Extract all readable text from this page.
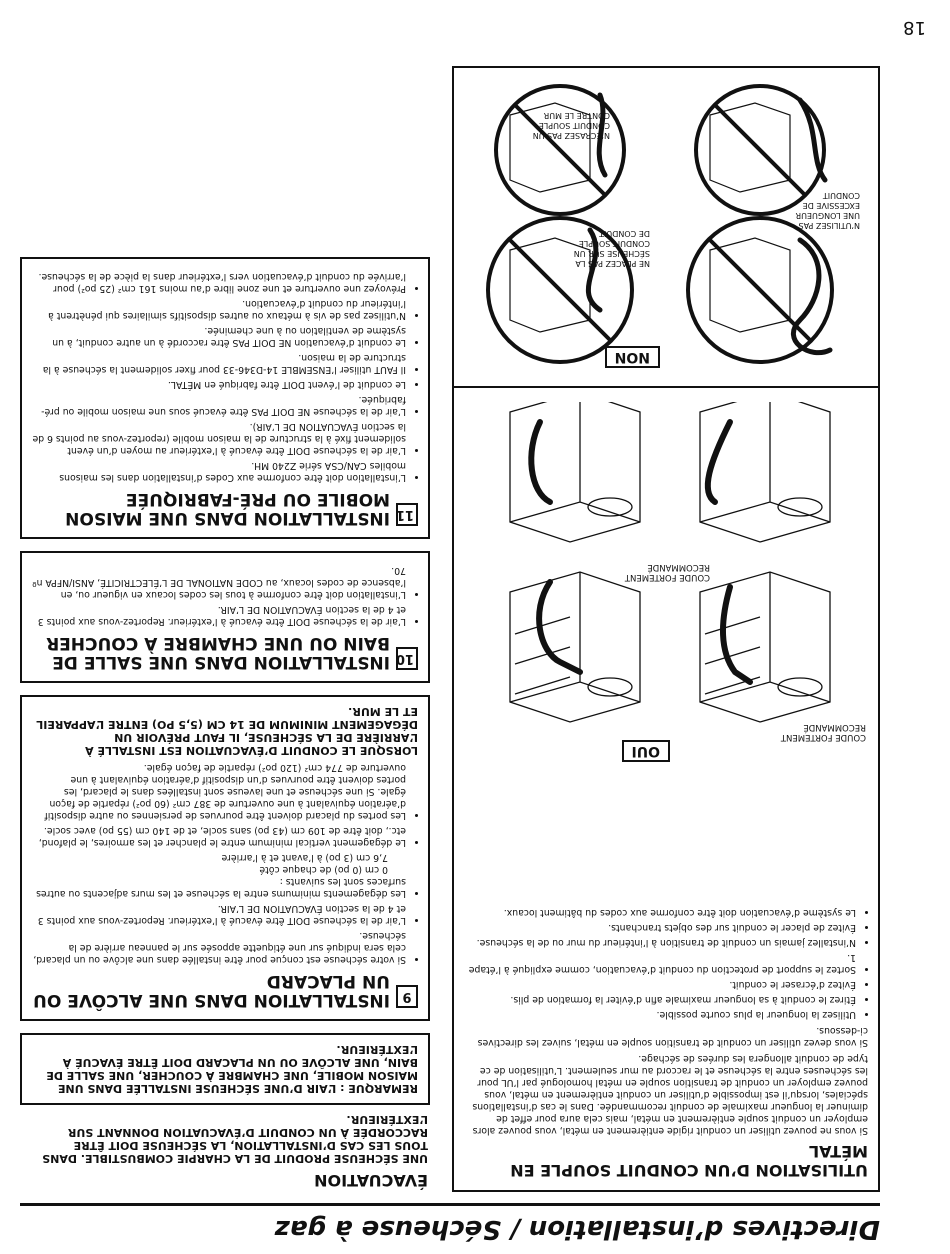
18
Directives d’installation / Sécheuse à gaz
UTILISATION D’UN CONDUIT SOUPLE EN MÉTAL

Si vous ne pouvez utiliser un conduit rigide entièrement en métal, vous pouvez alors employer un conduit souple entièrement en métal, mais cela aura pour effet de diminuer la longueur maximale de conduit recommandée. Dans le cas d’installations spéciales, lorsqu’il est impossible d’utiliser un conduit entièrement en métal, vous pouvez employer un conduit de transition souple en métal homologué par l’UL pour les sécheuses entre la sécheuse et le raccord au mur seulement. L’utilisation de ce type de conduit allongera les durées de séchage.

Si vous devez utiliser un conduit de transition souple en métal, suivez les directives ci-dessous.

• Utilisez la longueur la plus courte possible.
• Étirez le conduit à sa longueur maximale afin d’éviter la formation de plis.
• Évitez d’écraser le conduit.
• Sortez le support de protection du conduit d’évacuation, comme expliqué à l’étape 1.
• N’installez jamais un conduit de transition à l’intérieur du mur ou de la sécheuse.
• Évitez de placer le conduit sur des objets tranchants.
• Le système d’évacuation doit être conforme aux codes du bâtiment locaux.
OUI
COUDE FORTEMENT RECOMMANDÉ
COUDE FORTEMENT RECOMMANDÉ
NON
N’UTILISEZ PAS UNE LONGUEUR EXCESSIVE DE CONDUIT
NE PLACEZ PAS LA SÉCHEUSE SUR UN CONDUIT SOUPLE DE CONDUIT
N’ÉCRASEZ PAS UN CONDUIT SOUPLE CONTRE LE MUR
ÉVACUATION
UNE SÉCHEUSE PRODUIT DE LA CHARPIE COMBUSTIBLE. DANS TOUS LES CAS D’INSTALLATION, LA SÉCHEUSE DOIT ÊTRE RACCORDÉE À UN CONDUIT D’ÉVACUATION DONNANT SUR L’EXTÉRIEUR.
REMARQUE : L’AIR D’UNE SÉCHEUSE INSTALLÉE DANS UNE MAISON MOBILE, UNE CHAMBRE À COUCHER, UNE SALLE DE BAIN, UNE ALCÔVE OU UN PLACARD DOIT ÊTRE ÉVACUÉ À L’EXTÉRIEUR.
9
INSTALLATION DANS UNE ALCÔVE OU UN PLACARD
• Si votre sécheuse est conçue pour être installée dans une alcôve ou un placard, cela sera indiqué sur une étiquette apposée sur le panneau arrière de la sécheuse.
• L’air de la sécheuse DOIT être évacué à l’extérieur. Reportez-vous aux points 3 et 4 de la section ÉVACUATION DE L’AIR.
• Les dégagements minimums entre la sécheuse et les murs adjacents ou autres surfaces sont les suivants :
0 cm (0 po) de chaque côté
7,6 cm (3 po) à l’avant et à l’arrière
• Le dégagement vertical minimum entre le plancher et les armoires, le plafond, etc., doit être de 109 cm (43 po) sans socle, et de 140 cm (55 po) avec socle.
• Les portes du placard doivent être pourvues de persiennes ou autre dispositif d’aération équivalant à une ouverture de 387 cm² (60 po²) répartie de façon égale. Si une sécheuse et une laveuse sont installées dans le placard, les portes doivent être pourvues d’un dispositif d’aération équivalant à une ouverture de 774 cm² (120 po²) répartie de façon égale.
LORSQUE LE CONDUIT D’ÉVACUATION EST INSTALLÉ À L’ARRIÈRE DE LA SÉCHEUSE, IL FAUT PRÉVOIR UN DÉGAGEMENT MINIMUM DE 14 CM (5,5 PO) ENTRE L’APPAREIL ET LE MUR.
10
INSTALLATION DANS UNE SALLE DE BAIN OU UNE CHAMBRE À COUCHER
• L’air de la sécheuse DOIT être évacué à l’extérieur. Reportez-vous aux points 3 et 4 de la section ÉVACUATION DE L’AIR.
• L’installation doit être conforme à tous les codes locaux en vigueur ou, en l’absence de codes locaux, au CODE NATIONAL DE L’ÉLECTRICITÉ, ANSI/NFPA nº 70.
11
INSTALLATION DANS UNE MAISON MOBILE OU PRÉ-FABRIQUÉE
• L’installation doit être conforme aux Codes d’installation dans les maisons mobiles CAN/CSA série Z240 MH.
• L’air de la sécheuse DOIT être évacué à l’extérieur au moyen d’un évent solidement fixé à la structure de la maison mobile (reportez-vous au points 6 de la section ÉVACUATION DE L’AIR).
• L’air de la sécheuse NE DOIT PAS être évacué sous une maison mobile ou pré-fabriquée.
• Le conduit de l’évent DOIT être fabriqué en MÉTAL.
• Il FAUT utiliser l’ENSEMBLE 14-D346-33 pour fixer solidement la sécheuse à la structure de la maison.
• Le conduit d’évacuation NE DOIT PAS être raccordé à un autre conduit, à un système de ventilation ou à une cheminée.
• N’utilisez pas de vis à métaux ou autres dispositifs similaires qui pénètrent à l’intérieur du conduit d’évacuation.
• Prévoyez une ouverture et une zone libre d’au moins 161 cm² (25 po²) pour l’arrivée du conduit d’évacuation vers l’extérieur dans la pièce de la sécheuse.
